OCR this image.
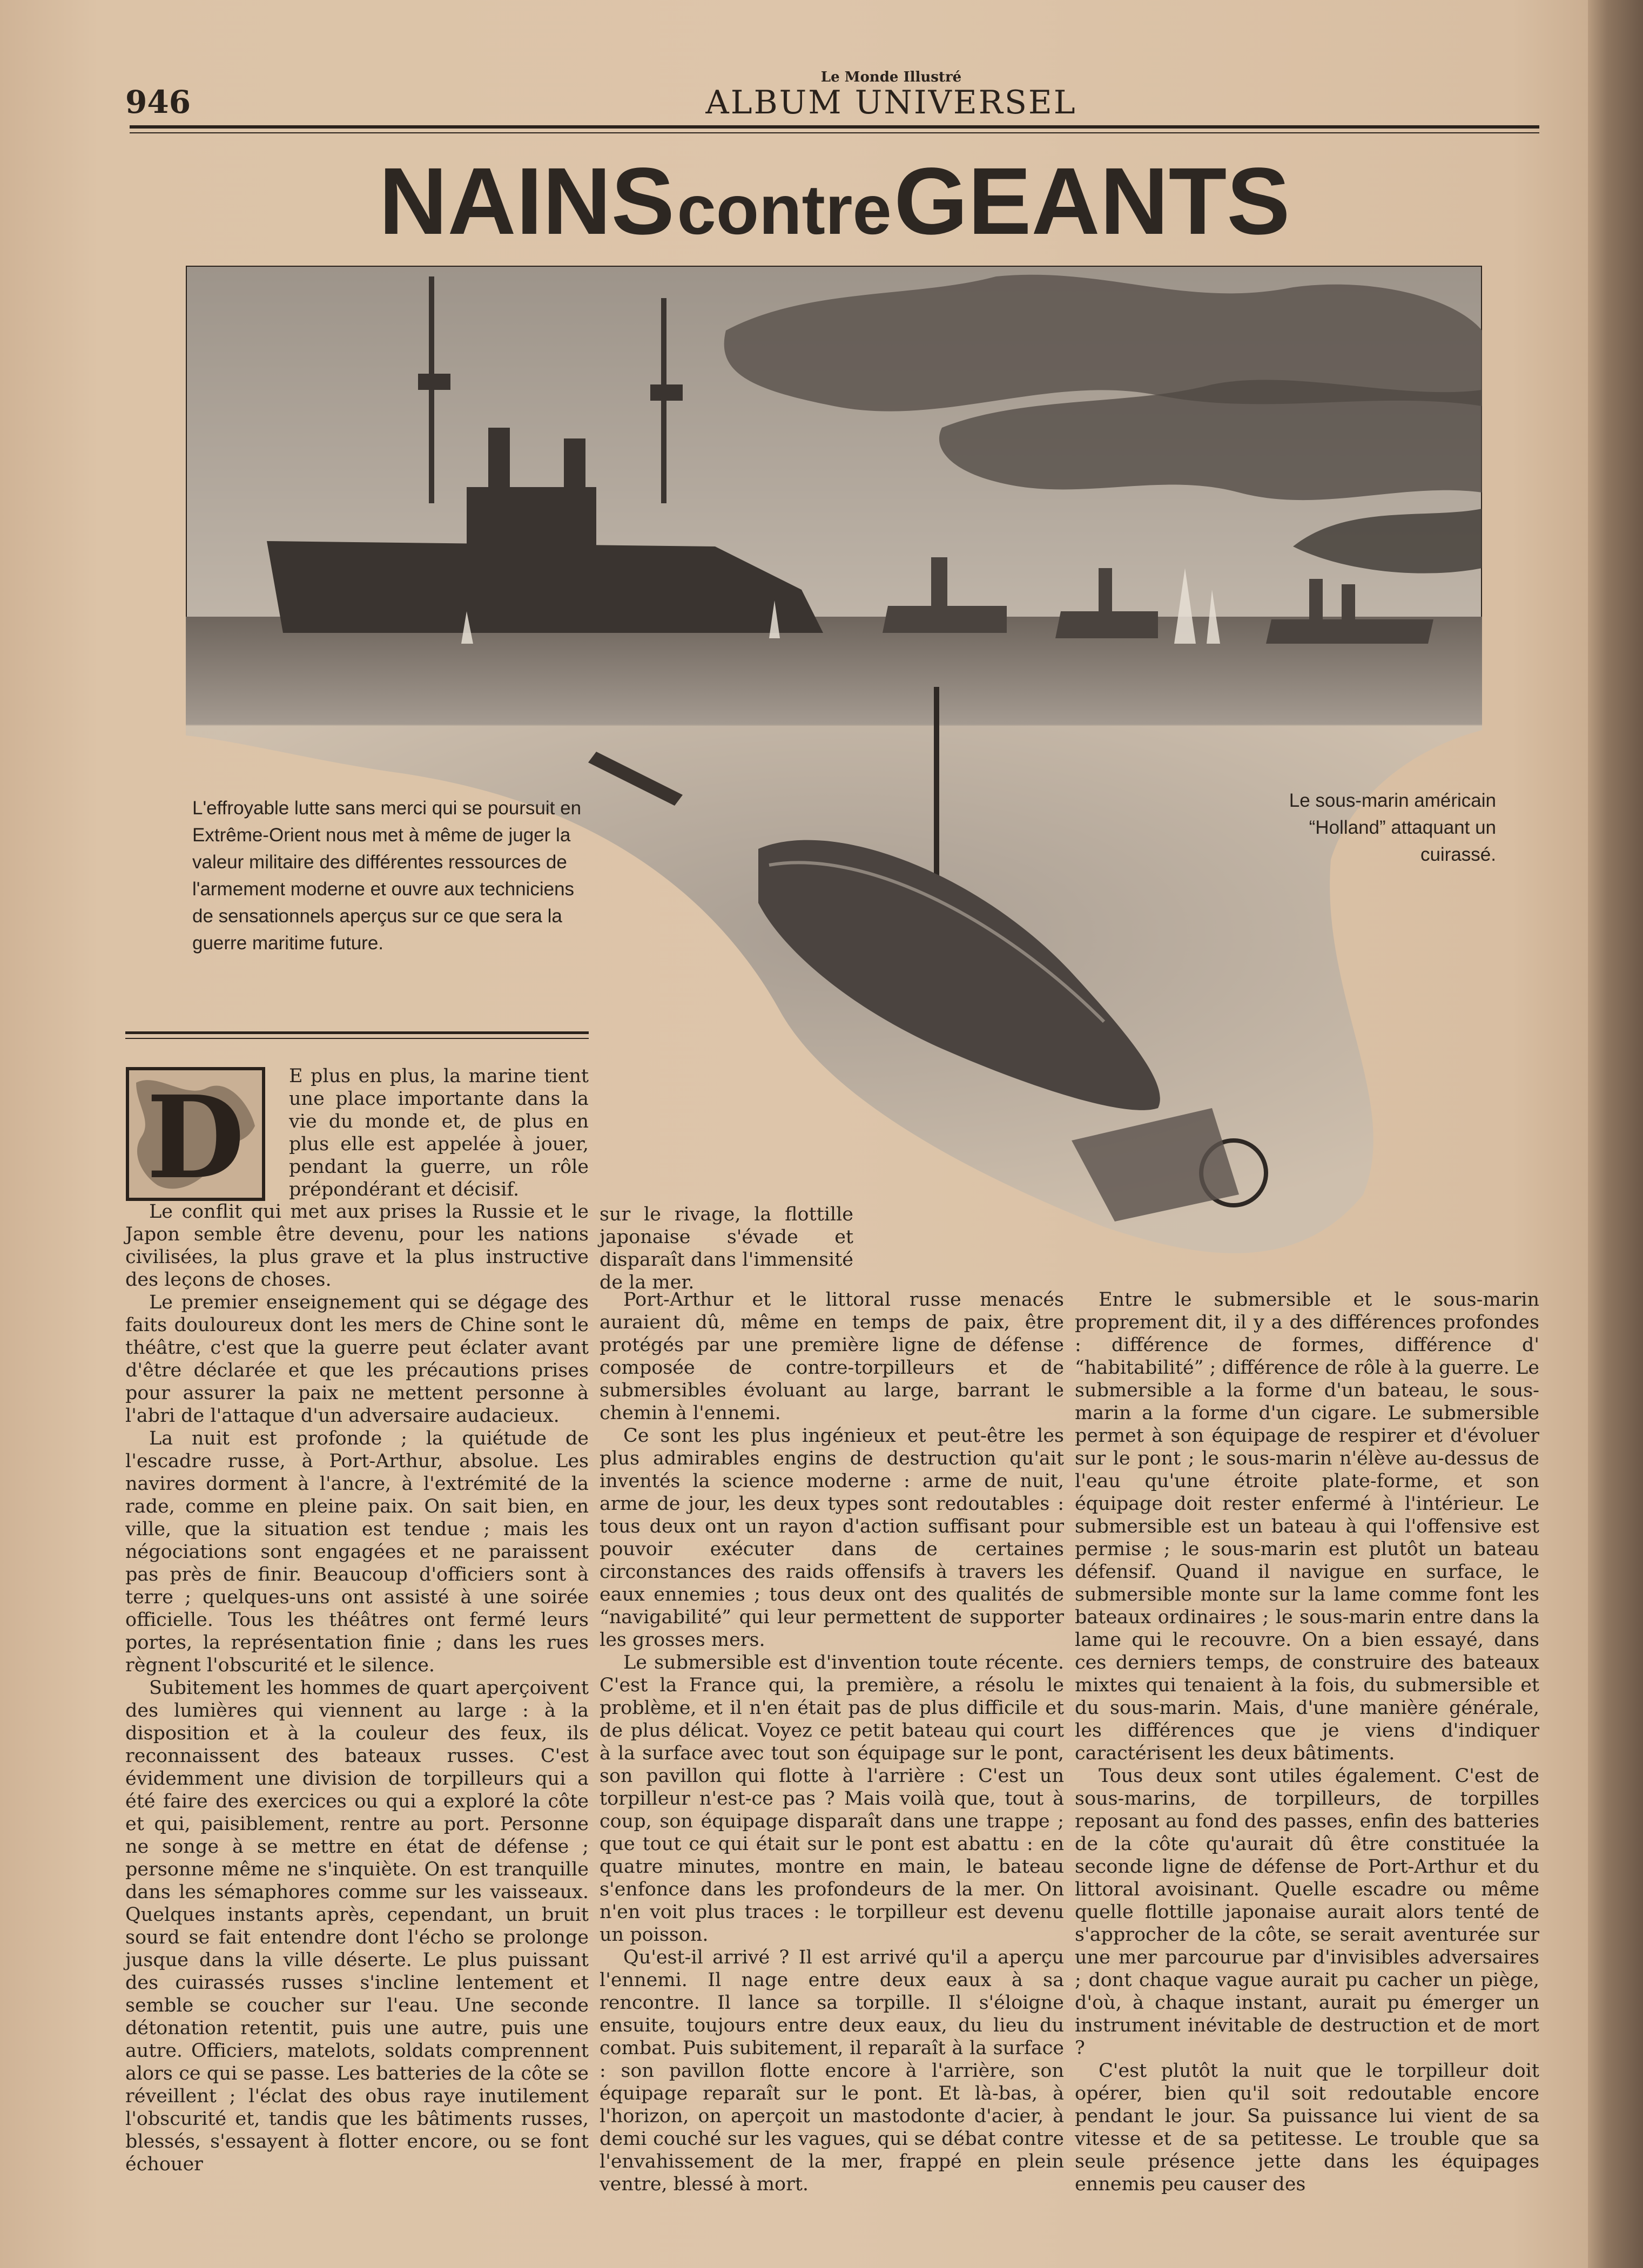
946
Le Monde Illustré
ALBUM UNIVERSEL
NAINS contre GEANTS
L'effroyable lutte sans merci qui se poursuit en Extrême-Orient nous met à même de juger la valeur militaire des différentes ressources de l'armement moderne et ouvre aux techniciens de sensationnels aperçus sur ce que sera la guerre maritime future.
Le sous-marin américain “Holland” attaquant un cuirassé.
D E plus en plus, la marine tient une place importante dans la vie du monde et, de plus en plus elle est appelée à jouer, pendant la guerre, un rôle prépondérant et décisif.

Le conflit qui met aux prises la Russie et le Japon semble être devenu, pour les nations civilisées, la plus grave et la plus instructive des leçons de choses.

Le premier enseignement qui se dégage des faits douloureux dont les mers de Chine sont le théâtre, c'est que la guerre peut éclater avant d'être déclarée et que les précautions prises pour assurer la paix ne mettent personne à l'abri de l'attaque d'un adversaire audacieux.

La nuit est profonde ; la quiétude de l'escadre russe, à Port-Arthur, absolue. Les navires dorment à l'ancre, à l'extrémité de la rade, comme en pleine paix. On sait bien, en ville, que la situation est tendue ; mais les négociations sont engagées et ne paraissent pas près de finir. Beaucoup d'officiers sont à terre ; quelques-uns ont assisté à une soirée officielle. Tous les théâtres ont fermé leurs portes, la représentation finie ; dans les rues règnent l'obscurité et le silence.

Subitement les hommes de quart aperçoivent des lumières qui viennent au large : à la disposition et à la couleur des feux, ils reconnaissent des bateaux russes. C'est évidemment une division de torpilleurs qui a été faire des exercices ou qui a exploré la côte et qui, paisiblement, rentre au port. Personne ne songe à se mettre en état de défense ; personne même ne s'inquiète. On est tranquille dans les sémaphores comme sur les vaisseaux. Quelques instants après, cependant, un bruit sourd se fait entendre dont l'écho se prolonge jusque dans la ville déserte. Le plus puissant des cuirassés russes s'incline lentement et semble se coucher sur l'eau. Une seconde détonation retentit, puis une autre, puis une autre. Officiers, matelots, soldats comprennent alors ce qui se passe. Les batteries de la côte se réveillent ; l'éclat des obus raye inutilement l'obscurité et, tandis que les bâtiments russes, blessés, s'essayent à flotter encore, ou se font échouer

sur le rivage, la flottille japonaise s'évade et disparaît dans l'immensité de la mer.

Port-Arthur et le littoral russe menacés auraient dû, même en temps de paix, être protégés par une première ligne de défense composée de contre-torpilleurs et de submersibles évoluant au large, barrant le chemin à l'ennemi.

Ce sont les plus ingénieux et peut-être les plus admirables engins de destruction qu'ait inventés la science moderne : arme de nuit, arme de jour, les deux types sont redoutables : tous deux ont un rayon d'action suffisant pour pouvoir exécuter dans de certaines circonstances des raids offensifs à travers les eaux ennemies ; tous deux ont des qualités de “navigabilité” qui leur permettent de supporter les grosses mers.

Le submersible est d'invention toute récente. C'est la France qui, la première, a résolu le problème, et il n'en était pas de plus difficile et de plus délicat. Voyez ce petit bateau qui court à la surface avec tout son équipage sur le pont, son pavillon qui flotte à l'arrière : C'est un torpilleur n'est-ce pas ? Mais voilà que, tout à coup, son équipage disparaît dans une trappe ; que tout ce qui était sur le pont est abattu : en quatre minutes, montre en main, le bateau s'enfonce dans les profondeurs de la mer. On n'en voit plus traces : le torpilleur est devenu un poisson.

Qu'est-il arrivé ? Il est arrivé qu'il a aperçu l'ennemi. Il nage entre deux eaux à sa rencontre. Il lance sa torpille. Il s'éloigne ensuite, toujours entre deux eaux, du lieu du combat. Puis subitement, il reparaît à la surface : son pavillon flotte encore à l'arrière, son équipage reparaît sur le pont. Et là-bas, à l'horizon, on aperçoit un mastodonte d'acier, à demi couché sur les vagues, qui se débat contre l'envahissement de la mer, frappé en plein ventre, blessé à mort.

Entre le submersible et le sous-marin proprement dit, il y a des différences profondes : différence de formes, différence d' “habitabilité” ; différence de rôle à la guerre. Le submersible a la forme d'un bateau, le sous-marin a la forme d'un cigare. Le submersible permet à son équipage de respirer et d'évoluer sur le pont ; le sous-marin n'élève au-dessus de l'eau qu'une étroite plate-forme, et son équipage doit rester enfermé à l'intérieur. Le submersible est un bateau à qui l'offensive est permise ; le sous-marin est plutôt un bateau défensif. Quand il navigue en surface, le submersible monte sur la lame comme font les bateaux ordinaires ; le sous-marin entre dans la lame qui le recouvre. On a bien essayé, dans ces derniers temps, de construire des bateaux mixtes qui tenaient à la fois, du submersible et du sous-marin. Mais, d'une manière générale, les différences que je viens d'indiquer caractérisent les deux bâtiments.

Tous deux sont utiles également. C'est de sous-marins, de torpilleurs, de torpilles reposant au fond des passes, enfin des batteries de la côte qu'aurait dû être constituée la seconde ligne de défense de Port-Arthur et du littoral avoisinant. Quelle escadre ou même quelle flottille japonaise aurait alors tenté de s'approcher de la côte, se serait aventurée sur une mer parcourue par d'invisibles adversaires ; dont chaque vague aurait pu cacher un piège, d'où, à chaque instant, aurait pu émerger un instrument inévitable de destruction et de mort ?

C'est plutôt la nuit que le torpilleur doit opérer, bien qu'il soit redoutable encore pendant le jour. Sa puissance lui vient de sa vitesse et de sa petitesse. Le trouble que sa seule présence jette dans les équipages ennemis peu causer des
